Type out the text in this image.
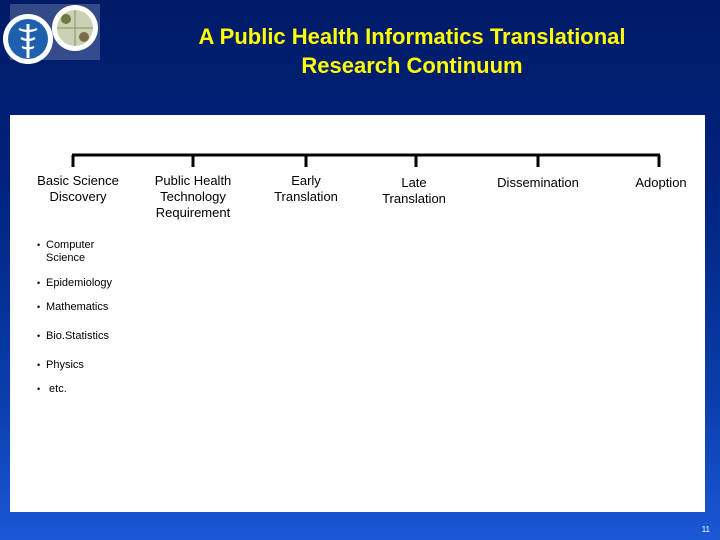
A Public Health Informatics Translational
Research Continuum
Basic Science
Discovery
Public Health
Technology
Requirement
Early
Translation
Late
Translation
Dissemination	Adoption
• Computer
Science
• Epidemiology
• Mathematics
• Bio.Statistics
• Physics
•  etc.
11
